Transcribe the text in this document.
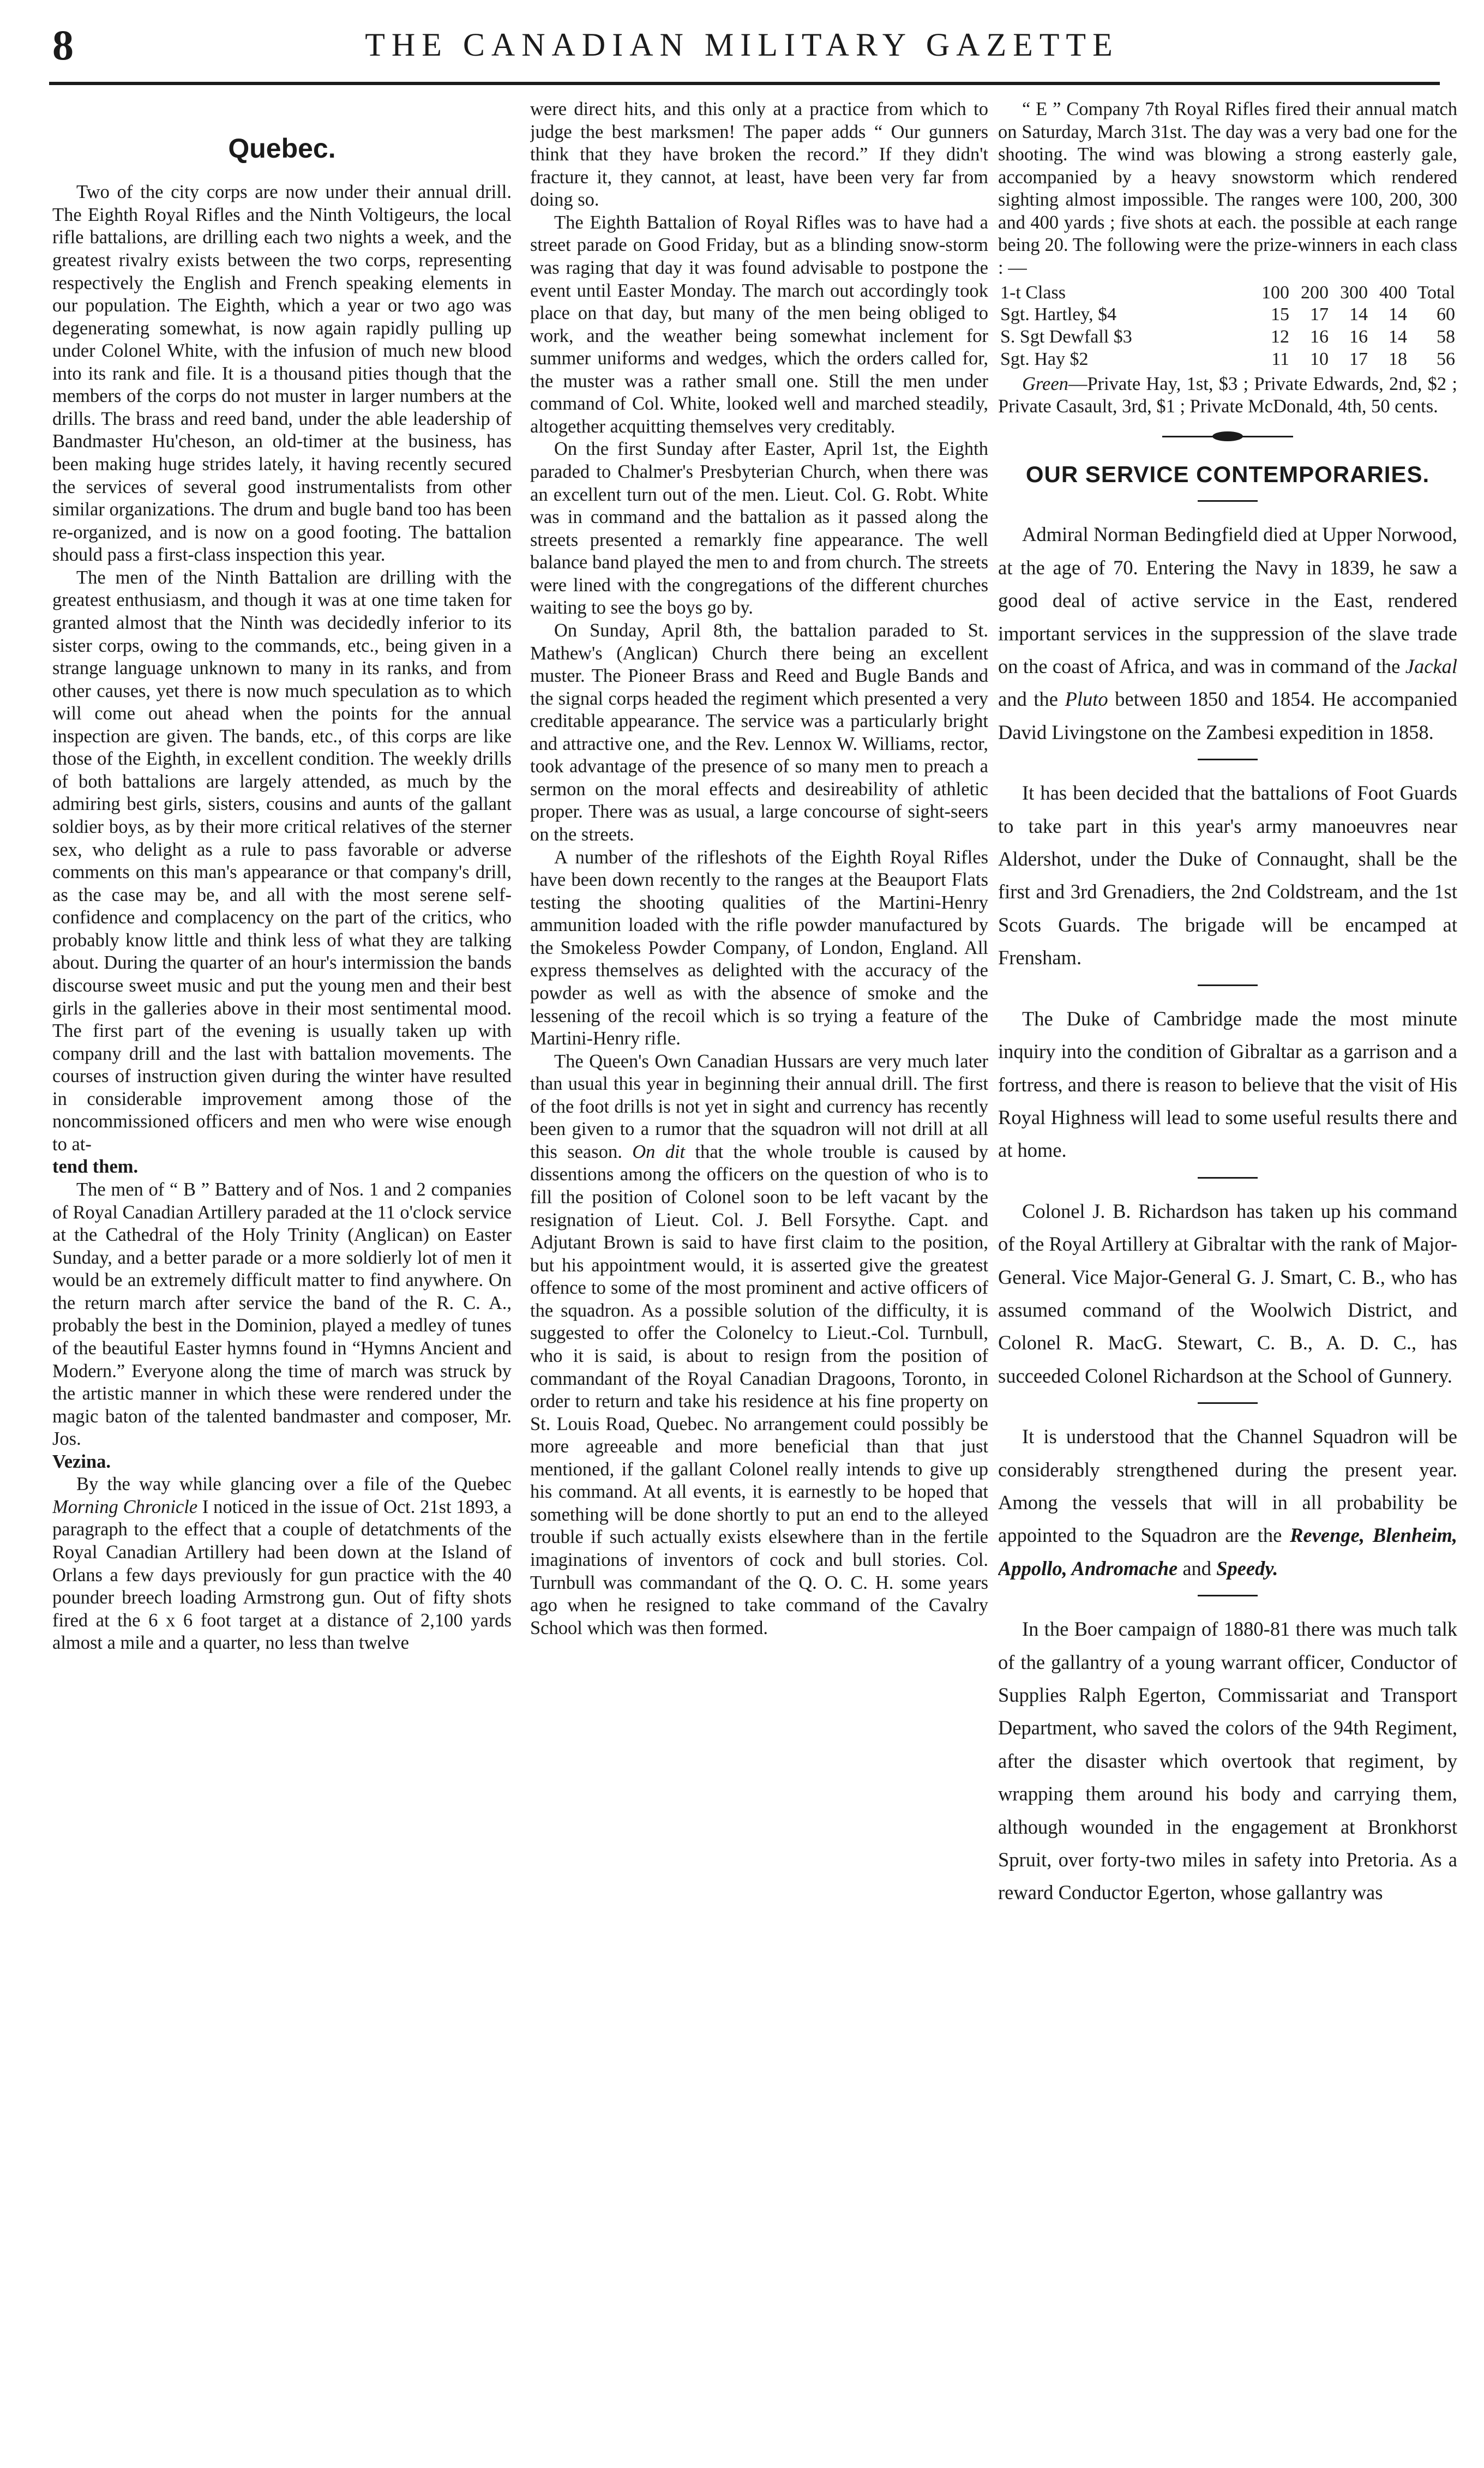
8	THE CANADIAN MILITARY GAZETTE
Quebec.

Two of the city corps are now under their annual drill. The Eighth Royal Rifles and the Ninth Voltigeurs, the local rifle battalions, are drilling each two nights a week, and the greatest rivalry exists between the two corps, representing respectively the English and French speaking elements in our population. The Eighth, which a year or two ago was degenerating somewhat, is now again rapidly pulling up under Colonel White, with the infusion of much new blood into its rank and file. It is a thousand pities though that the members of the corps do not muster in larger numbers at the drills. The brass and reed band, under the able leadership of Bandmaster Hu'cheson, an old-timer at the business, has been making huge strides lately, it having recently secured the services of several good instrumentalists from other similar organizations. The drum and bugle band too has been re-organized, and is now on a good footing. The battalion should pass a first-class inspection this year.

The men of the Ninth Battalion are drilling with the greatest enthusiasm, and though it was at one time taken for granted almost that the Ninth was decidedly inferior to its sister corps, owing to the commands, etc., being given in a strange language unknown to many in its ranks, and from other causes, yet there is now much speculation as to which will come out ahead when the points for the annual inspection are given. The bands, etc., of this corps are like those of the Eighth, in excellent condition. The weekly drills of both battalions are largely attended, as much by the admiring best girls, sisters, cousins and aunts of the gallant soldier boys, as by their more critical relatives of the sterner sex, who delight as a rule to pass favorable or adverse comments on this man's appearance or that company's drill, as the case may be, and all with the most serene self-confidence and complacency on the part of the critics, who probably know little and think less of what they are talking about. During the quarter of an hour's intermission the bands discourse sweet music and put the young men and their best girls in the galleries above in their most sentimental mood. The first part of the evening is usually taken up with company drill and the last with battalion movements. The courses of instruction given during the winter have resulted in considerable improvement among those of the noncommissioned officers and men who were wise enough to at-

tend them.

The men of “ B ” Battery and of Nos. 1 and 2 companies of Royal Canadian Artillery paraded at the 11 o'clock service at the Cathedral of the Holy Trinity (Anglican) on Easter Sunday, and a better parade or a more soldierly lot of men it would be an extremely difficult matter to find anywhere. On the return march after service the band of the R. C. A., probably the best in the Dominion, played a medley of tunes of the beautiful Easter hymns found in “Hymns Ancient and Modern.” Everyone along the time of march was struck by the artistic manner in which these were rendered under the magic baton of the talented bandmaster and composer, Mr. Jos.

Vezina.

By the way while glancing over a file of the Quebec Morning Chronicle I noticed in the issue of Oct. 21st 1893, a paragraph to the effect that a couple of detatchments of the Royal Canadian Artillery had been down at the Island of Orlans a few days previously for gun practice with the 40 pounder breech loading Armstrong gun. Out of fifty shots fired at the 6 x 6 foot target at a distance of 2,100 yards almost a mile and a quarter, no less than twelve

were direct hits, and this only at a practice from which to judge the best marksmen! The paper adds “ Our gunners think that they have broken the record.” If they didn't fracture it, they cannot, at least, have been very far from doing so.

The Eighth Battalion of Royal Rifles was to have had a street parade on Good Friday, but as a blinding snow-storm was raging that day it was found advisable to postpone the event until Easter Monday. The march out accordingly took place on that day, but many of the men being obliged to work, and the weather being somewhat inclement for summer uniforms and wedges, which the orders called for, the muster was a rather small one. Still the men under command of Col. White, looked well and marched steadily, altogether acquitting themselves very creditably.

On the first Sunday after Easter, April 1st, the Eighth paraded to Chalmer's Presbyterian Church, when there was an excellent turn out of the men. Lieut. Col. G. Robt. White was in command and the battalion as it passed along the streets presented a remarkly fine appearance. The well balance band played the men to and from church. The streets were lined with the congregations of the different churches waiting to see the boys go by.

On Sunday, April 8th, the battalion paraded to St. Mathew's (Anglican) Church there being an excellent muster. The Pioneer Brass and Reed and Bugle Bands and the signal corps headed the regiment which presented a very creditable appearance. The service was a particularly bright and attractive one, and the Rev. Lennox W. Williams, rector, took advantage of the presence of so many men to preach a sermon on the moral effects and desireability of athletic proper. There was as usual, a large concourse of sight-seers on the streets.

A number of the rifleshots of the Eighth Royal Rifles have been down recently to the ranges at the Beauport Flats testing the shooting qualities of the Martini-Henry ammunition loaded with the rifle powder manufactured by the Smokeless Powder Company, of London, England. All express themselves as delighted with the accuracy of the powder as well as with the absence of smoke and the lessening of the recoil which is so trying a feature of the Martini-Henry rifle.

The Queen's Own Canadian Hussars are very much later than usual this year in beginning their annual drill. The first of the foot drills is not yet in sight and currency has recently been given to a rumor that the squadron will not drill at all this season. On dit that the whole trouble is caused by dissentions among the officers on the question of who is to fill the position of Colonel soon to be left vacant by the resignation of Lieut. Col. J. Bell Forsythe. Capt. and Adjutant Brown is said to have first claim to the position, but his appointment would, it is asserted give the greatest offence to some of the most prominent and active officers of the squadron. As a possible solution of the difficulty, it is suggested to offer the Colonelcy to Lieut.-Col. Turnbull, who it is said, is about to resign from the position of commandant of the Royal Canadian Dragoons, Toronto, in order to return and take his residence at his fine property on St. Louis Road, Quebec. No arrangement could possibly be more agreeable and more beneficial than that just mentioned, if the gallant Colonel really intends to give up his command. At all events, it is earnestly to be hoped that something will be done shortly to put an end to the alleyed trouble if such actually exists elsewhere than in the fertile imaginations of inventors of cock and bull stories. Col. Turnbull was commandant of the Q. O. C. H. some years ago when he resigned to take command of the Cavalry School which was then formed.

“ E ” Company 7th Royal Rifles fired their annual match on Saturday, March 31st. The day was a very bad one for the shooting. The wind was blowing a strong easterly gale, accompanied by a heavy snowstorm which rendered sighting almost impossible. The ranges were 100, 200, 300 and 400 yards ; five shots at each. the possible at each range being 20. The following were the prize-winners in each class : —

1-t Class	100	200	300	400	Total
Sgt. Hartley, $4	15	17	14	14	60
S. Sgt Dewfall $3	12	16	16	14	58
Sgt. Hay $2	11	10	17	18	56

Green—Private Hay, 1st, $3 ; Private Edwards, 2nd, $2 ; Private Casault, 3rd, $1 ; Private McDonald, 4th, 50 cents.

OUR SERVICE CONTEMPORARIES.

Admiral Norman Bedingfield died at Upper Norwood, at the age of 70. Entering the Navy in 1839, he saw a good deal of active service in the East, rendered important services in the suppression of the slave trade on the coast of Africa, and was in command of the Jackal and the Pluto between 1850 and 1854. He accompanied David Livingstone on the Zambesi expedition in 1858.

It has been decided that the battalions of Foot Guards to take part in this year's army manoeuvres near Aldershot, under the Duke of Connaught, shall be the first and 3rd Grenadiers, the 2nd Coldstream, and the 1st Scots Guards. The brigade will be encamped at Frensham.

The Duke of Cambridge made the most minute inquiry into the condition of Gibraltar as a garrison and a fortress, and there is reason to believe that the visit of His Royal Highness will lead to some useful results there and at home.

Colonel J. B. Richardson has taken up his command of the Royal Artillery at Gibraltar with the rank of Major-General. Vice Major-General G. J. Smart, C. B., who has assumed command of the Woolwich District, and Colonel R. MacG. Stewart, C. B., A. D. C., has succeeded Colonel Richardson at the School of Gunnery.

It is understood that the Channel Squadron will be considerably strengthened during the present year. Among the vessels that will in all probability be appointed to the Squadron are the Revenge, Blenheim, Appollo, Andromache and Speedy.

In the Boer campaign of 1880-81 there was much talk of the gallantry of a young warrant officer, Conductor of Supplies Ralph Egerton, Commissariat and Transport Department, who saved the colors of the 94th Regiment, after the disaster which overtook that regiment, by wrapping them around his body and carrying them, although wounded in the engagement at Bronkhorst Spruit, over forty-two miles in safety into Pretoria. As a reward Conductor Egerton, whose gallantry was
